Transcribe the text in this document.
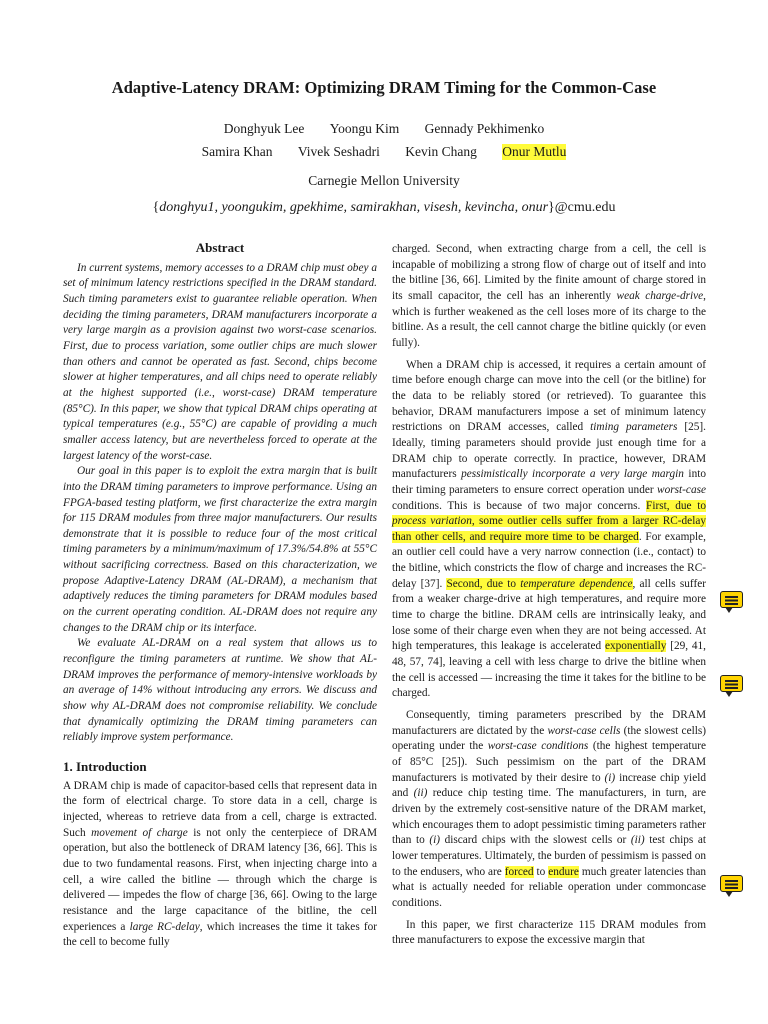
Adaptive-Latency DRAM: Optimizing DRAM Timing for the Common-Case
Donghyuk Lee Yoongu Kim Gennady Pekhimenko
Samira Khan Vivek Seshadri Kevin Chang Onur Mutlu
Carnegie Mellon University
{donghyu1, yoongukim, gpekhime, samirakhan, visesh, kevincha, onur}@cmu.edu
Abstract

In current systems, memory accesses to a DRAM chip must obey a set of minimum latency restrictions specified in the DRAM standard. Such timing parameters exist to guarantee reliable operation. When deciding the timing parameters, DRAM manufacturers incorporate a very large margin as a provision against two worst-case scenarios. First, due to process variation, some outlier chips are much slower than others and cannot be operated as fast. Second, chips become slower at higher temperatures, and all chips need to operate reliably at the highest supported (i.e., worst-case) DRAM temperature (85°C). In this paper, we show that typical DRAM chips operating at typical temperatures (e.g., 55°C) are capable of providing a much smaller access latency, but are nevertheless forced to operate at the largest latency of the worst-case.

Our goal in this paper is to exploit the extra margin that is built into the DRAM timing parameters to improve performance. Using an FPGA-based testing platform, we first characterize the extra margin for 115 DRAM modules from three major manufacturers. Our results demonstrate that it is possible to reduce four of the most critical timing parameters by a minimum/maximum of 17.3%/54.8% at 55°C without sacrificing correctness. Based on this characterization, we propose Adaptive-Latency DRAM (AL-DRAM), a mechanism that adaptively reduces the timing parameters for DRAM modules based on the current operating condition. AL-DRAM does not require any changes to the DRAM chip or its interface.

We evaluate AL-DRAM on a real system that allows us to reconfigure the timing parameters at runtime. We show that AL-DRAM improves the performance of memory-intensive workloads by an average of 14% without introducing any errors. We discuss and show why AL-DRAM does not compromise reliability. We conclude that dynamically optimizing the DRAM timing parameters can reliably improve system performance.

1. Introduction

A DRAM chip is made of capacitor-based cells that represent data in the form of electrical charge. To store data in a cell, charge is injected, whereas to retrieve data from a cell, charge is extracted. Such movement of charge is not only the centerpiece of DRAM operation, but also the bottleneck of DRAM latency [36, 66]. This is due to two fundamental reasons. First, when injecting charge into a cell, a wire called the bitline — through which the charge is delivered — impedes the flow of charge [36, 66]. Owing to the large resistance and the large capacitance of the bitline, the cell experiences a large RC-delay, which increases the time it takes for the cell to become fully

charged. Second, when extracting charge from a cell, the cell is incapable of mobilizing a strong flow of charge out of itself and into the bitline [36, 66]. Limited by the finite amount of charge stored in its small capacitor, the cell has an inherently weak charge-drive, which is further weakened as the cell loses more of its charge to the bitline. As a result, the cell cannot charge the bitline quickly (or even fully).

When a DRAM chip is accessed, it requires a certain amount of time before enough charge can move into the cell (or the bitline) for the data to be reliably stored (or retrieved). To guarantee this behavior, DRAM manufacturers impose a set of minimum latency restrictions on DRAM accesses, called timing parameters [25]. Ideally, timing parameters should provide just enough time for a DRAM chip to operate correctly. In practice, however, DRAM manufacturers pessimistically incorporate a very large margin into their timing parameters to ensure correct operation under worst-case conditions. This is because of two major concerns. First, due to process variation, some outlier cells suffer from a larger RC-delay than other cells, and require more time to be charged. For example, an outlier cell could have a very narrow connection (i.e., contact) to the bitline, which constricts the flow of charge and increases the RC-delay [37]. Second, due to temperature dependence, all cells suffer from a weaker charge-drive at high temperatures, and require more time to charge the bitline. DRAM cells are intrinsically leaky, and lose some of their charge even when they are not being accessed. At high temperatures, this leakage is accelerated exponentially [29, 41, 48, 57, 74], leaving a cell with less charge to drive the bitline when the cell is accessed — increasing the time it takes for the bitline to be charged.

Consequently, timing parameters prescribed by the DRAM manufacturers are dictated by the worst-case cells (the slowest cells) operating under the worst-case conditions (the highest temperature of 85°C [25]). Such pessimism on the part of the DRAM manufacturers is motivated by their desire to (i) increase chip yield and (ii) reduce chip testing time. The manufacturers, in turn, are driven by the extremely cost-sensitive nature of the DRAM market, which encourages them to adopt pessimistic timing parameters rather than to (i) discard chips with the slowest cells or (ii) test chips at lower temperatures. Ultimately, the burden of pessimism is passed on to the endusers, who are forced to endure much greater latencies than what is actually needed for reliable operation under commoncase conditions.

In this paper, we first characterize 115 DRAM modules from three manufacturers to expose the excessive margin that
